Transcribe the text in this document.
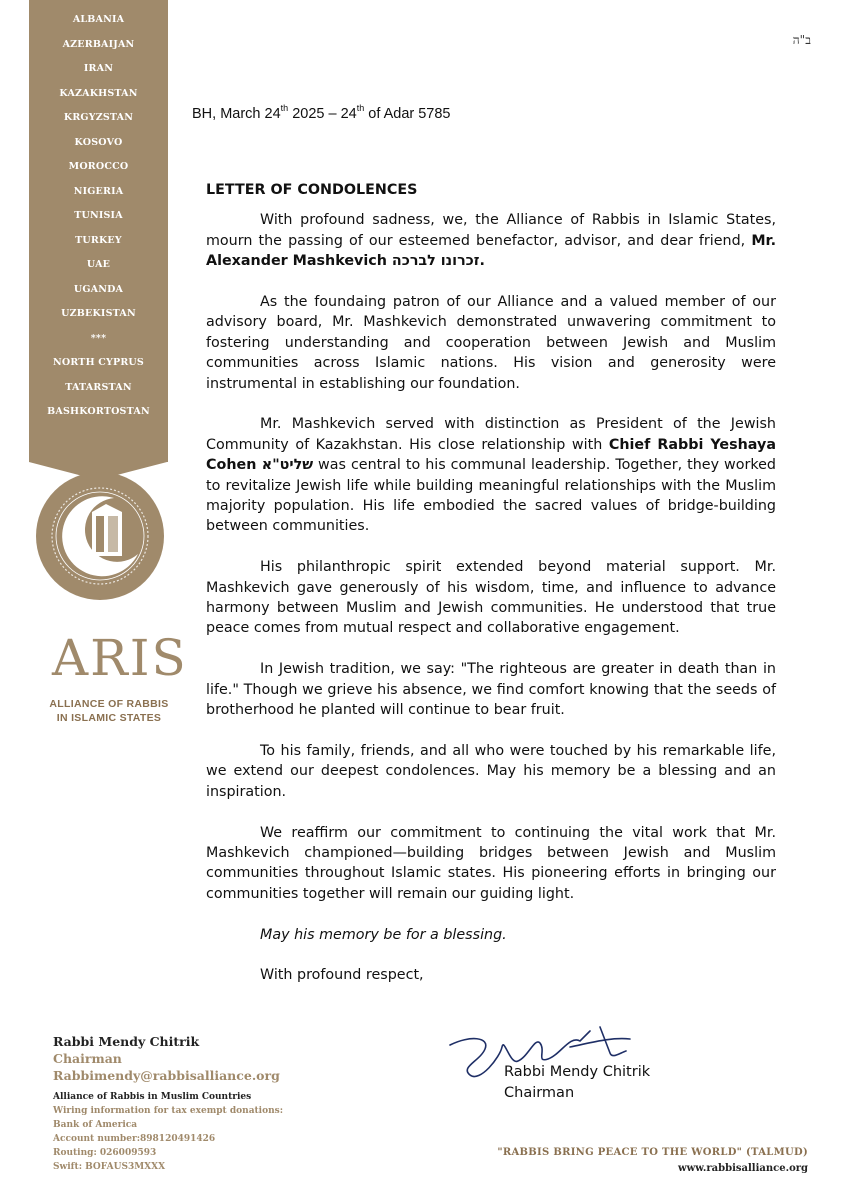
ב"ה
ALBANIA
AZERBAIJAN
IRAN
KAZAKHSTAN
KRGYZSTAN
KOSOVO
MOROCCO
NIGERIA
TUNISIA
TURKEY
UAE
UGANDA
UZBEKISTAN
***
NORTH CYPRUS
TATARSTAN
BASHKORTOSTAN
ARIS
ALLIANCE OF RABBIS
IN ISLAMIC STATES
BH, March 24th 2025 – 24th of Adar 5785
LETTER OF CONDOLENCES

With profound sadness, we, the Alliance of Rabbis in Islamic States, mourn the passing of our esteemed benefactor, advisor, and dear friend, Mr. Alexander Mashkevich זכרונו לברכה.

As the foundaing patron of our Alliance and a valued member of our advisory board, Mr. Mashkevich demonstrated unwavering commitment to fostering understanding and cooperation between Jewish and Muslim communities across Islamic nations. His vision and generosity were instrumental in establishing our foundation.

Mr. Mashkevich served with distinction as President of the Jewish Community of Kazakhstan. His close relationship with Chief Rabbi Yeshaya Cohen שליט"א was central to his communal leadership. Together, they worked to revitalize Jewish life while building meaningful relationships with the Muslim majority population. His life embodied the sacred values of bridge-building between communities.

His philanthropic spirit extended beyond material support. Mr. Mashkevich gave generously of his wisdom, time, and influence to advance harmony between Muslim and Jewish communities. He understood that true peace comes from mutual respect and collaborative engagement.

In Jewish tradition, we say: "The righteous are greater in death than in life." Though we grieve his absence, we find comfort knowing that the seeds of brotherhood he planted will continue to bear fruit.

To his family, friends, and all who were touched by his remarkable life, we extend our deepest condolences. May his memory be a blessing and an inspiration.

We reaffirm our commitment to continuing the vital work that Mr. Mashkevich championed—building bridges between Jewish and Muslim communities throughout Islamic states. His pioneering efforts in bringing our communities together will remain our guiding light.

May his memory be for a blessing.

With profound respect,

Rabbi Mendy Chitrik
Chairman
Rabbi Mendy Chitrik
Chairman
Rabbimendy@rabbisalliance.org
Alliance of Rabbis in Muslim Countries
Wiring information for tax exempt donations:
Bank of America
Account number:898120491426
Routing: 026009593
Swift: BOFAUS3MXXX
"RABBIS BRING PEACE TO THE WORLD" (TALMUD)
www.rabbisalliance.org
